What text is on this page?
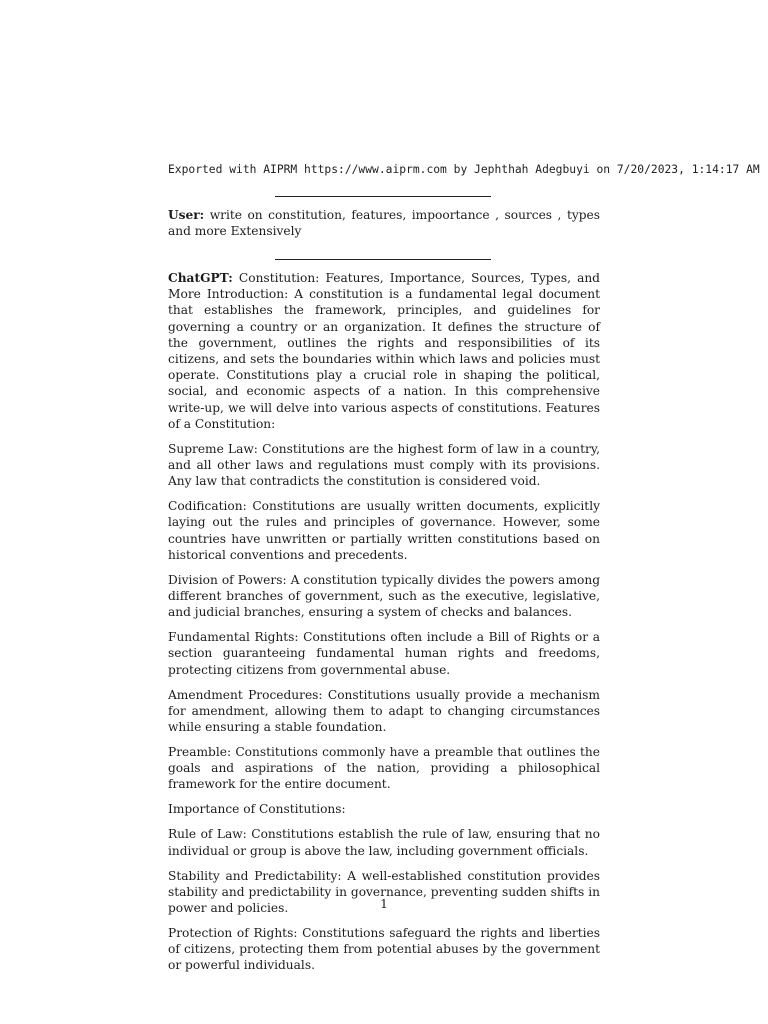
Exported with AIPRM https://www.aiprm.com by Jephthah Adegbuyi on 7/20/2023, 1:14:17 AM

User: write on constitution, features, impoortance , sources , types and more Extensively

ChatGPT: Constitution: Features, Importance, Sources, Types, and More Introduction: A constitution is a fundamental legal document that establishes the framework, principles, and guidelines for governing a country or an organization. It defines the structure of the government, outlines the rights and responsibilities of its citizens, and sets the boundaries within which laws and policies must operate. Constitutions play a crucial role in shaping the political, social, and economic aspects of a nation. In this comprehensive write-up, we will delve into various aspects of constitutions. Features of a Constitution:

Supreme Law: Constitutions are the highest form of law in a country, and all other laws and regulations must comply with its provisions. Any law that contradicts the constitution is considered void.

Codification: Constitutions are usually written documents, explicitly laying out the rules and principles of governance. However, some countries have unwritten or partially written constitutions based on historical conventions and precedents.

Division of Powers: A constitution typically divides the powers among different branches of government, such as the executive, legislative, and judicial branches, ensuring a system of checks and balances.

Fundamental Rights: Constitutions often include a Bill of Rights or a section guaranteeing fundamental human rights and freedoms, protecting citizens from governmental abuse.

Amendment Procedures: Constitutions usually provide a mechanism for amendment, allowing them to adapt to changing circumstances while ensuring a stable foundation.

Preamble: Constitutions commonly have a preamble that outlines the goals and aspirations of the nation, providing a philosophical framework for the entire document.

Importance of Constitutions:

Rule of Law: Constitutions establish the rule of law, ensuring that no individual or group is above the law, including government officials.

Stability and Predictability: A well-established constitution provides stability and predictability in governance, preventing sudden shifts in power and policies.

Protection of Rights: Constitutions safeguard the rights and liberties of citizens, protecting them from potential abuses by the government or powerful individuals.

1
